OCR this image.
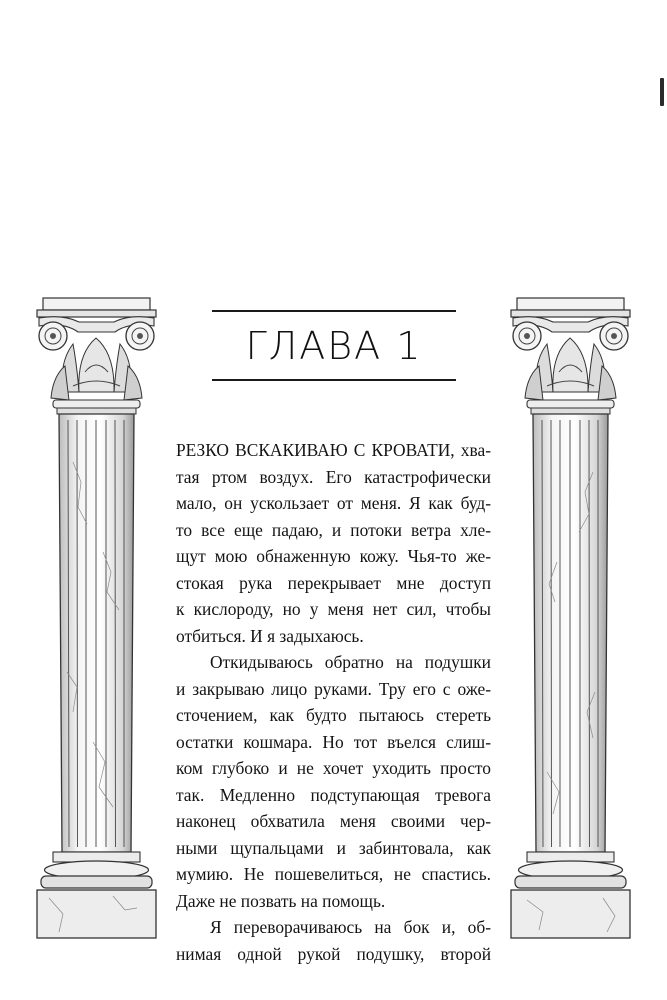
ГЛАВА 1
РЕЗКО ВСКАКИВАЮ С КРОВАТИ, хва-
тая ртом воздух. Его катастрофически
мало, он ускользает от меня. Я как буд-
то все еще падаю, и потоки ветра хле-
щут мою обнаженную кожу. Чья-то же-
стокая рука перекрывает мне доступ
к кислороду, но у меня нет сил, чтобы
отбиться. И я задыхаюсь.
Откидываюсь обратно на подушки
и закрываю лицо руками. Тру его с оже-
сточением, как будто пытаюсь стереть
остатки кошмара. Но тот въелся слиш-
ком глубоко и не хочет уходить просто
так. Медленно подступающая тревога
наконец обхватила меня своими чер-
ными щупальцами и забинтовала, как
мумию. Не пошевелиться, не спастись.
Даже не позвать на помощь.
Я переворачиваюсь на бок и, об-
нимая одной рукой подушку, второй
